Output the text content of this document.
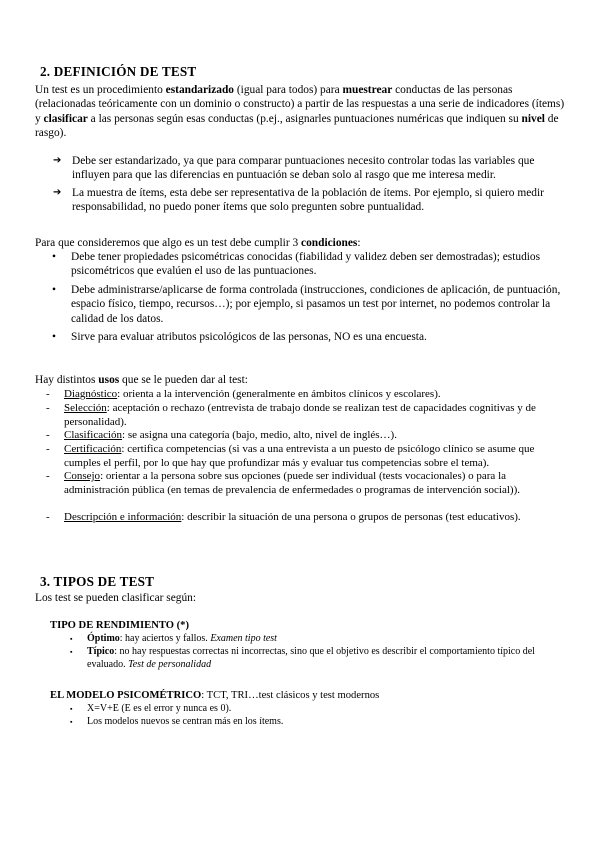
2. DEFINICIÓN DE TEST

Un test es un procedimiento estandarizado (igual para todos) para muestrear conductas de las personas (relacionadas teóricamente con un dominio o constructo) a partir de las respuestas a una serie de indicadores (ítems) y clasificar a las personas según esas conductas (p.ej., asignarles puntuaciones numéricas que indiquen su nivel de rasgo).

➔ Debe ser estandarizado, ya que para comparar puntuaciones necesito controlar todas las variables que influyen para que las diferencias en puntuación se deban solo al rasgo que me interesa medir.
➔ La muestra de ítems, esta debe ser representativa de la población de ítems. Por ejemplo, si quiero medir responsabilidad, no puedo poner ítems que solo pregunten sobre puntualidad.

Para que consideremos que algo es un test debe cumplir 3 condiciones:

• Debe tener propiedades psicométricas conocidas (fiabilidad y validez deben ser demostradas); estudios psicométricos que evalúen el uso de las puntuaciones.
• Debe administrarse/aplicarse de forma controlada (instrucciones, condiciones de aplicación, de puntuación, espacio físico, tiempo, recursos…); por ejemplo, si pasamos un test por internet, no podemos controlar la calidad de los datos.
• Sirve para evaluar atributos psicológicos de las personas, NO es una encuesta.

Hay distintos usos que se le pueden dar al test:

- Diagnóstico: orienta a la intervención (generalmente en ámbitos clínicos y escolares).
- Selección: aceptación o rechazo (entrevista de trabajo donde se realizan test de capacidades cognitivas y de personalidad).
- Clasificación: se asigna una categoría (bajo, medio, alto, nivel de inglés…).
- Certificación: certifica competencias (si vas a una entrevista a un puesto de psicólogo clínico se asume que cumples el perfil, por lo que hay que profundizar más y evaluar tus competencias sobre el tema).
- Consejo: orientar a la persona sobre sus opciones (puede ser individual (tests vocacionales) o para la administración pública (en temas de prevalencia de enfermedades o programas de intervención social)).
- Descripción e información: describir la situación de una persona o grupos de personas (test educativos).
3. TIPOS DE TEST

Los test se pueden clasificar según:

TIPO DE RENDIMIENTO (*)
▪ Óptimo: hay aciertos y fallos. Examen tipo test
▪ Típico: no hay respuestas correctas ni incorrectas, sino que el objetivo es describir el comportamiento típico del evaluado. Test de personalidad
EL MODELO PSICOMÉTRICO: TCT, TRI…test clásicos y test modernos
▪ X=V+E (E es el error y nunca es 0).
▪ Los modelos nuevos se centran más en los ítems.
